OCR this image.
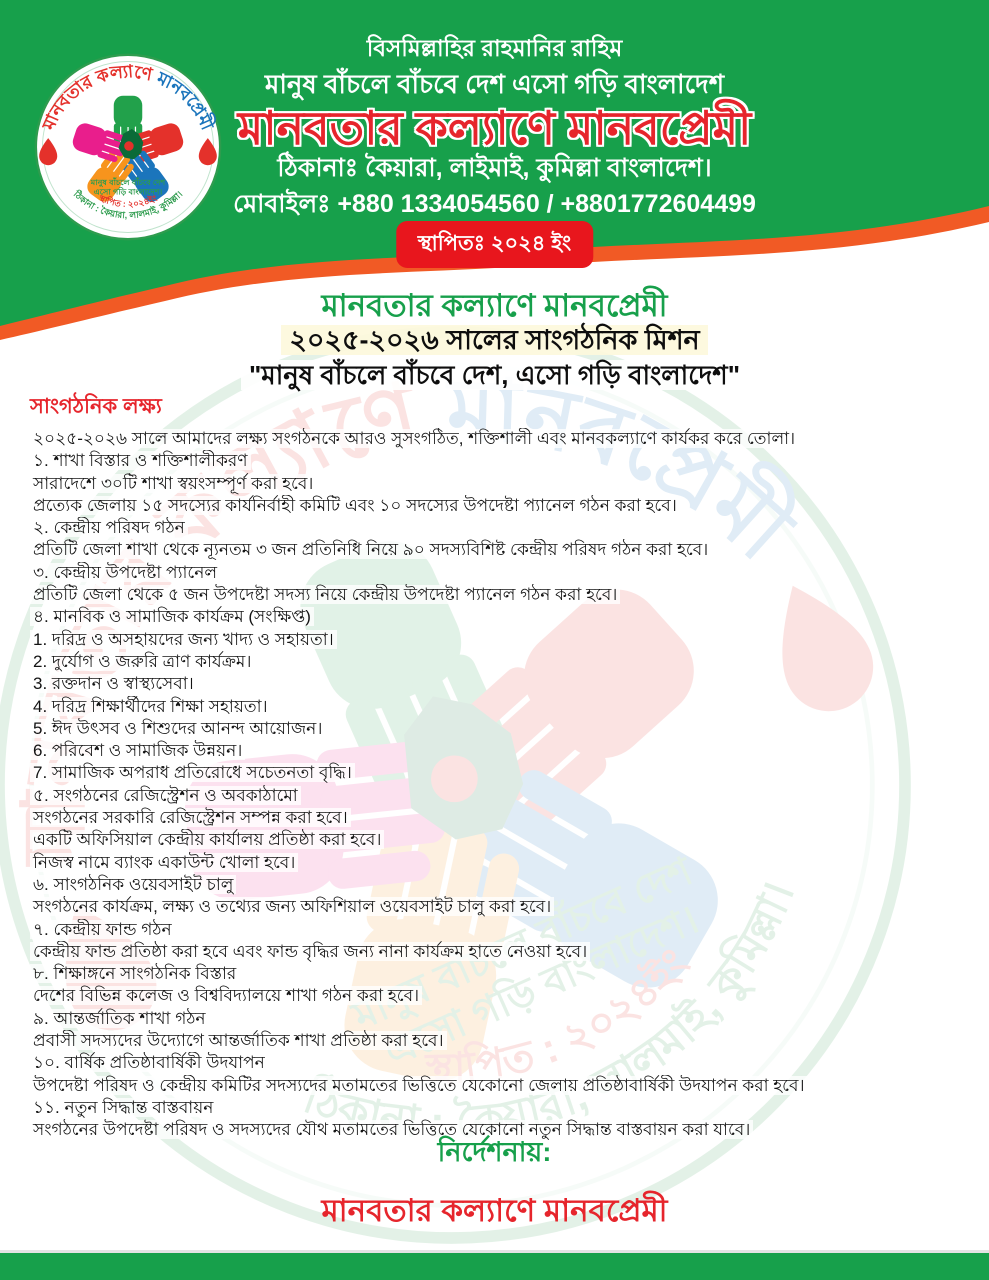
বিসমিল্লাহির রাহমানির রাহিম
মানুষ বাঁচলে বাঁচবে দেশ এসো গড়ি বাংলাদেশ
মানবতার কল্যাণে মানবপ্রেমী
ঠিকানাঃ কৈয়ারা, লাইমাই, কুমিল্লা বাংলাদেশ।
মোবাইলঃ +880 1334054560 / +8801772604499
স্থাপিতঃ ২০২৪ ইং
মানবতার কল্যাণে মানবপ্রেমী
২০২৫-২০২৬ সালের সাংগঠনিক মিশন
"মানুষ বাঁচলে বাঁচবে দেশ, এসো গড়ি বাংলাদেশ"
সাংগঠনিক লক্ষ্য
২০২৫-২০২৬ সালে আমাদের লক্ষ্য সংগঠনকে আরও সুসংগঠিত, শক্তিশালী এবং মানবকল্যাণে কার্যকর করে তোলা।
১. শাখা বিস্তার ও শক্তিশালীকরণ
সারাদেশে ৩০টি শাখা স্বয়ংসম্পূর্ণ করা হবে।
প্রত্যেক জেলায় ১৫ সদস্যের কার্যনির্বাহী কমিটি এবং ১০ সদস্যের উপদেষ্টা প্যানেল গঠন করা হবে।
২. কেন্দ্রীয় পরিষদ গঠন
প্রতিটি জেলা শাখা থেকে ন্যূনতম ৩ জন প্রতিনিধি নিয়ে ৯০ সদস্যবিশিষ্ট কেন্দ্রীয় পরিষদ গঠন করা হবে।
৩. কেন্দ্রীয় উপদেষ্টা প্যানেল
প্রতিটি জেলা থেকে ৫ জন উপদেষ্টা সদস্য নিয়ে কেন্দ্রীয় উপদেষ্টা প্যানেল গঠন করা হবে।
৪. মানবিক ও সামাজিক কার্যক্রম (সংক্ষিপ্ত)
1. দরিদ্র ও অসহায়দের জন্য খাদ্য ও সহায়তা।
2. দুর্যোগ ও জরুরি ত্রাণ কার্যক্রম।
3. রক্তদান ও স্বাস্থ্যসেবা।
4. দরিদ্র শিক্ষার্থীদের শিক্ষা সহায়তা।
5. ঈদ উৎসব ও শিশুদের আনন্দ আয়োজন।
6. পরিবেশ ও সামাজিক উন্নয়ন।
7. সামাজিক অপরাধ প্রতিরোধে সচেতনতা বৃদ্ধি।
৫. সংগঠনের রেজিস্ট্রেশন ও অবকাঠামো
সংগঠনের সরকারি রেজিস্ট্রেশন সম্পন্ন করা হবে।
একটি অফিসিয়াল কেন্দ্রীয় কার্যালয় প্রতিষ্ঠা করা হবে।
নিজস্ব নামে ব্যাংক একাউন্ট খোলা হবে।
৬. সাংগঠনিক ওয়েবসাইট চালু
সংগঠনের কার্যক্রম, লক্ষ্য ও তথ্যের জন্য অফিশিয়াল ওয়েবসাইট চালু করা হবে।
৭. কেন্দ্রীয় ফান্ড গঠন
কেন্দ্রীয় ফান্ড প্রতিষ্ঠা করা হবে এবং ফান্ড বৃদ্ধির জন্য নানা কার্যক্রম হাতে নেওয়া হবে।
৮. শিক্ষাঙ্গনে সাংগঠনিক বিস্তার
দেশের বিভিন্ন কলেজ ও বিশ্ববিদ্যালয়ে শাখা গঠন করা হবে।
৯. আন্তর্জাতিক শাখা গঠন
প্রবাসী সদস্যদের উদ্যোগে আন্তর্জাতিক শাখা প্রতিষ্ঠা করা হবে।
১০. বার্ষিক প্রতিষ্ঠাবার্ষিকী উদযাপন
উপদেষ্টা পরিষদ ও কেন্দ্রীয় কমিটির সদস্যদের মতামতের ভিত্তিতে যেকোনো জেলায় প্রতিষ্ঠাবার্ষিকী উদযাপন করা হবে।
১১. নতুন সিদ্ধান্ত বাস্তবায়ন
সংগঠনের উপদেষ্টা পরিষদ ও সদস্যদের যৌথ মতামতের ভিত্তিতে যেকোনো নতুন সিদ্ধান্ত বাস্তবায়ন করা যাবে।
নির্দেশনায়:
মানবতার কল্যাণে মানবপ্রেমী
